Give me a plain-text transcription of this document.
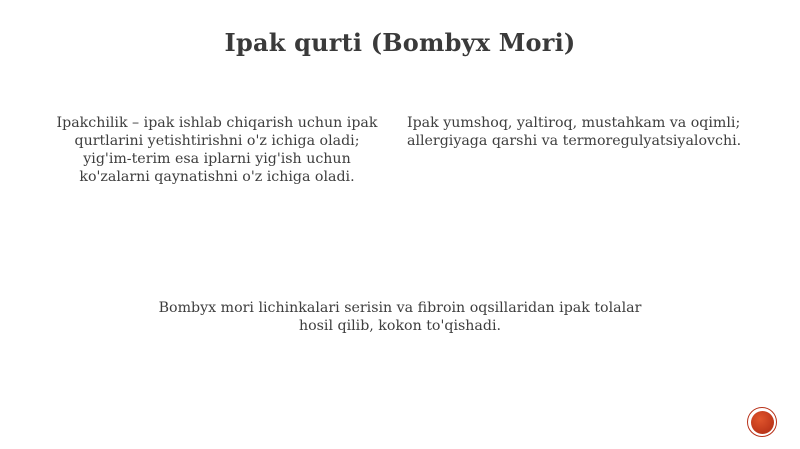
Ipak qurti (Bombyx Mori)
Ipakchilik – ipak ishlab chiqarish uchun ipak qurtlarini yetishtirishni o'z ichiga oladi; yig'im-terim esa iplarni yig'ish uchun ko'zalarni qaynatishni o'z ichiga oladi.
Ipak yumshoq, yaltiroq, mustahkam va oqimli; allergiyaga qarshi va termoregulyatsiyalovchi.
Bombyx mori lichinkalari serisin va fibroin oqsillaridan ipak tolalar hosil qilib, kokon to'qishadi.
